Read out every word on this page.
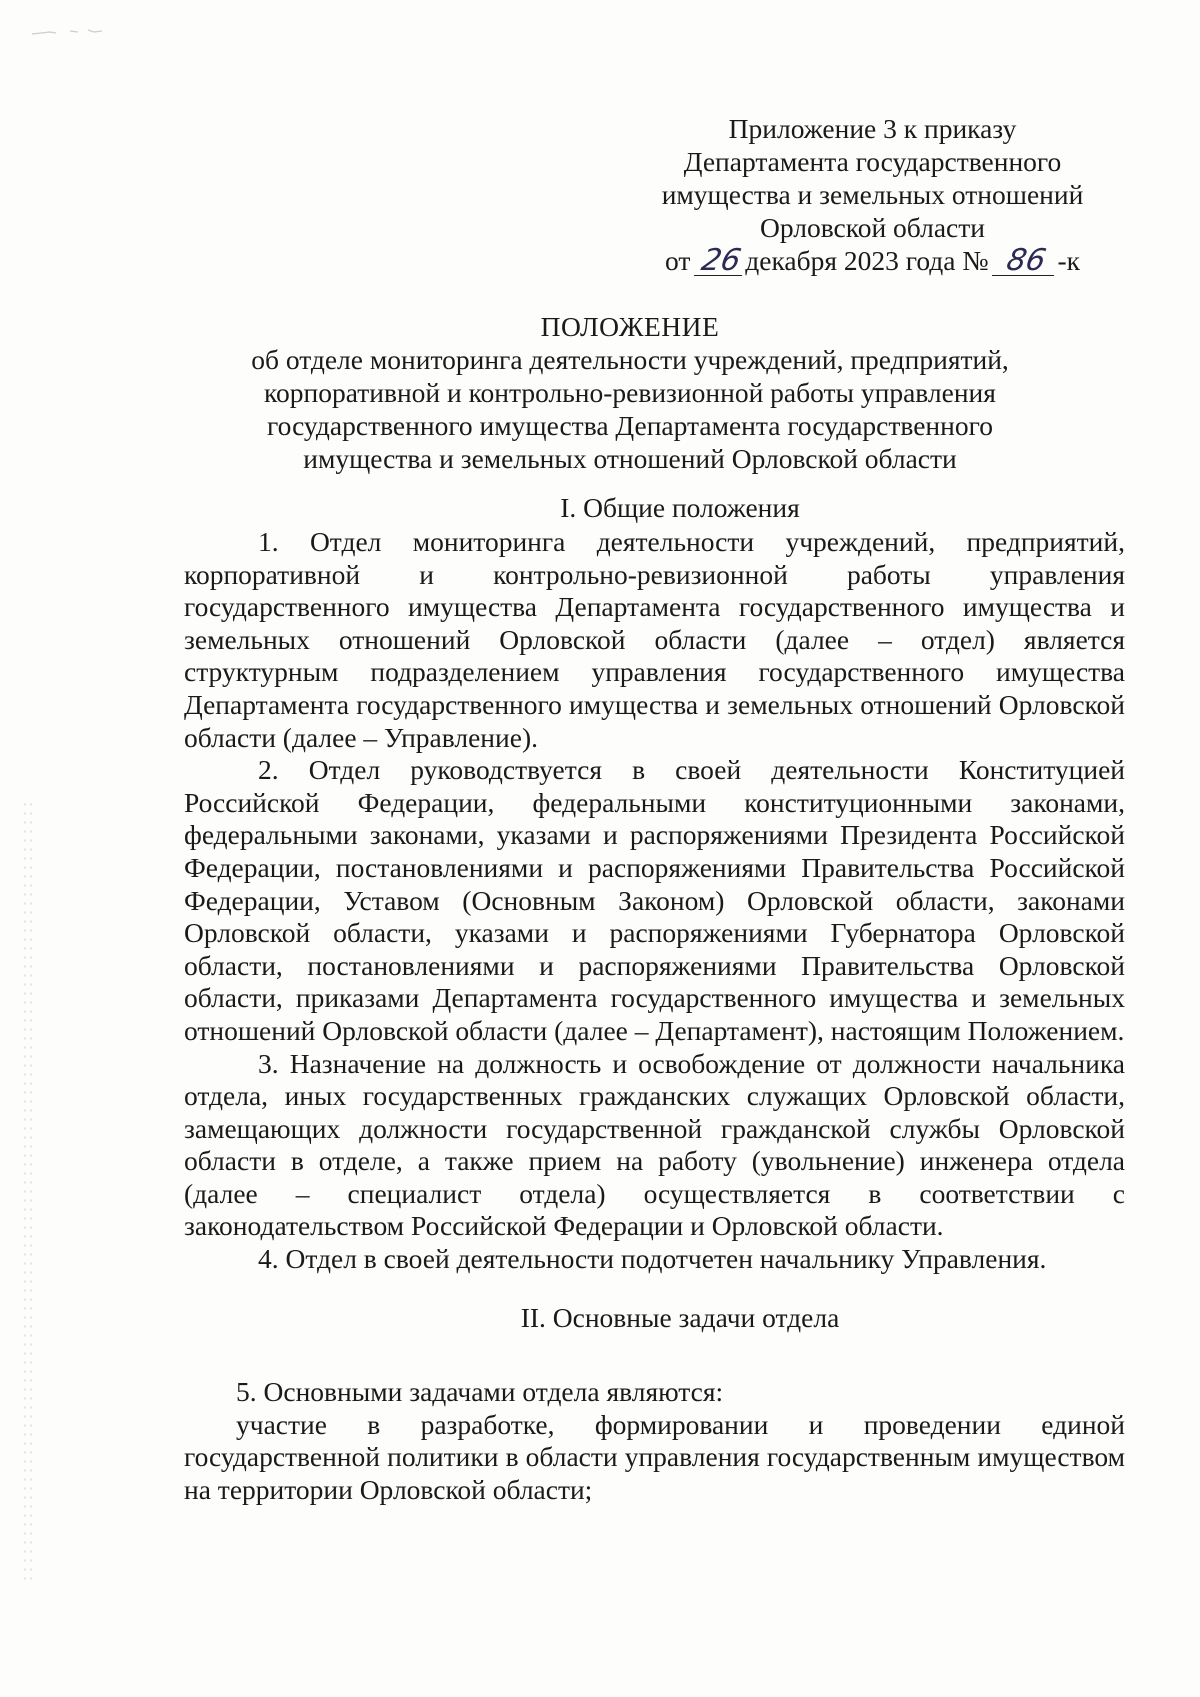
Приложение 3 к приказу
Департамента государственного
имущества и земельных отношений
Орловской области
от 26декабря 2023 года № 86 -к
ПОЛОЖЕНИЕ
об отделе мониторинга деятельности учреждений, предприятий,
корпоративной и контрольно-ревизионной работы управления
государственного имущества Департамента государственного
имущества и земельных отношений Орловской области
I. Общие положения

1. Отдел мониторинга деятельности учреждений, предприятий, корпоративной и контрольно-ревизионной работы управления государственного имущества Департамента государственного имущества и земельных отношений Орловской области (далее – отдел) является структурным подразделением управления государственного имущества Департамента государственного имущества и земельных отношений Орловской области (далее – Управление).

2. Отдел руководствуется в своей деятельности Конституцией Российской Федерации, федеральными конституционными законами, федеральными законами, указами и распоряжениями Президента Российской Федерации, постановлениями и распоряжениями Правительства Российской Федерации, Уставом (Основным Законом) Орловской области, законами Орловской области, указами и распоряжениями Губернатора Орловской области, постановлениями и распоряжениями Правительства Орловской области, приказами Департамента государственного имущества и земельных отношений Орловской области (далее – Департамент), настоящим Положением.

3. Назначение на должность и освобождение от должности начальника отдела, иных государственных гражданских служащих Орловской области, замещающих должности государственной гражданской службы Орловской области в отделе, а также прием на работу (увольнение) инженера отдела (далее – специалист отдела) осуществляется в соответствии с законодательством Российской Федерации и Орловской области.

4. Отдел в своей деятельности подотчетен начальнику Управления.

II. Основные задачи отдела

5. Основными задачами отдела являются:

участие в разработке, формировании и проведении единой государственной политики в области управления государственным имуществом на территории Орловской области;
